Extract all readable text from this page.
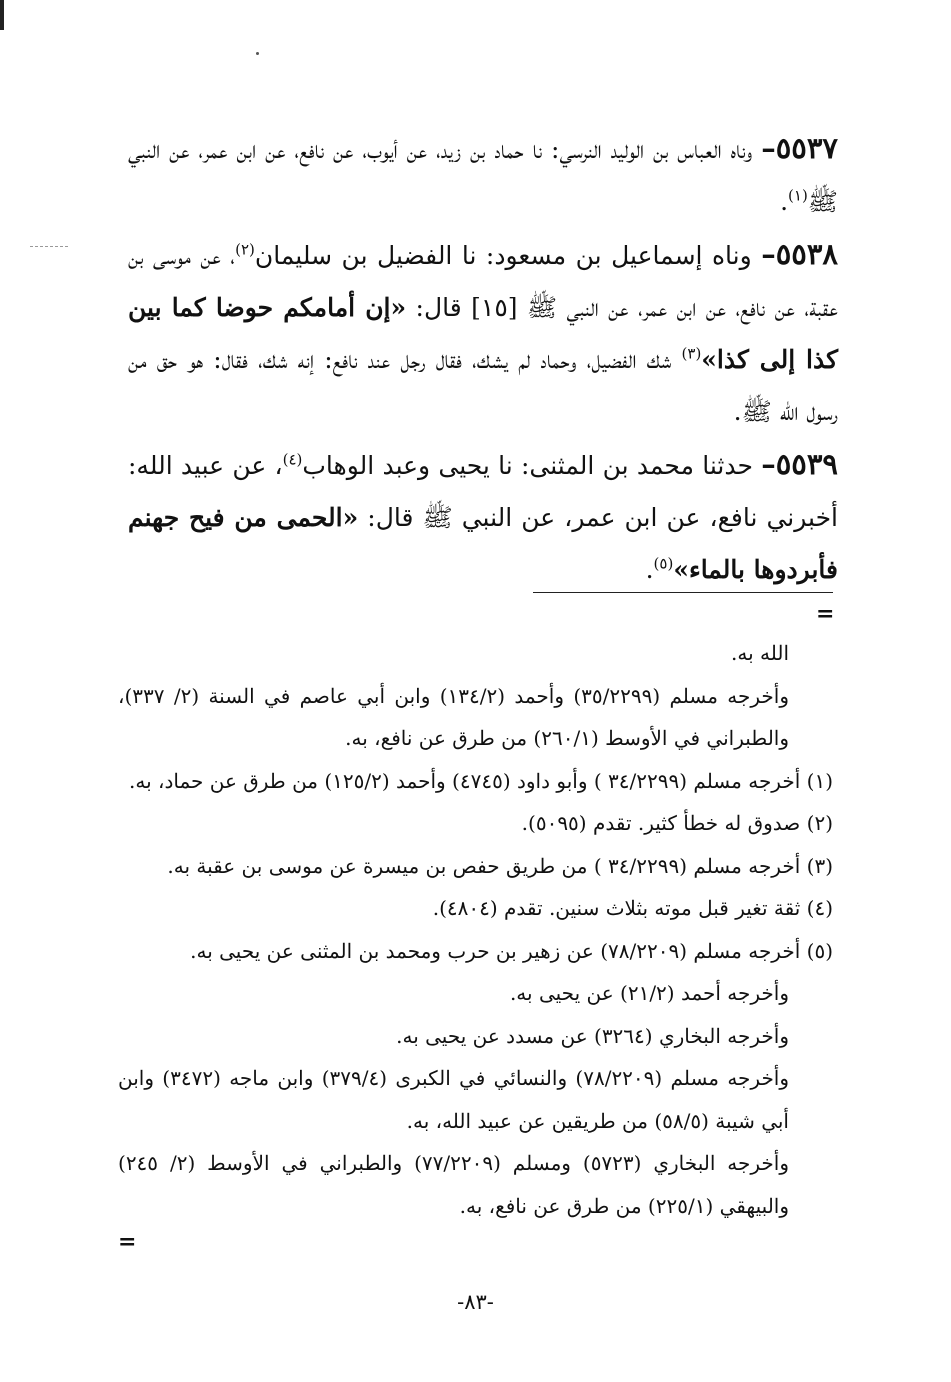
٥٥٣٧– وناه العباس بن الوليد النرسي: نا حماد بن زيد، عن أيوب، عن نافع، عن ابن عمر، عن النبي ﷺ$^{(١)}$.

٥٥٣٨– وناه إسماعيل بن مسعود: نا الفضيل بن سليمان$^{(٢)}$، عن موسى بن عقبة، عن نافع، عن ابن عمر، عن النبي ﷺ [١٥] قال: «إن أمامكم حوضا كما بين كذا إلى كذا»$^{(٣)}$ شك الفضيل، وحماد لم يشك، فقال رجل عند نافع: إنه شك، فقال: هو حق من رسول الله ﷺ.

٥٥٣٩– حدثنا محمد بن المثنى: نا يحيى وعبد الوهاب$^{(٤)}$، عن عبيد الله: أخبرني نافع، عن ابن عمر، عن النبي ﷺ قال: «الحمى من فيح جهنم فأبردوها بالماء»$^{(٥)}$.

=

الله به.

وأخرجه مسلم (٣٥/٢٢٩٩) وأحمد (١٣٤/٢) وابن أبي عاصم في السنة (٢/ ٣٣٧)، والطبراني في الأوسط (٢٦٠/١) من طرق عن نافع، به.

(١) أخرجه مسلم (٣٤/٢٢٩٩ ) وأبو داود (٤٧٤٥) وأحمد (١٢٥/٢) من طرق عن حماد، به.

(٢) صدوق له خطأ كثير. تقدم (٥٠٩٥).

(٣) أخرجه مسلم (٣٤/٢٢٩٩ ) من طريق حفص بن ميسرة عن موسى بن عقبة به.

(٤) ثقة تغير قبل موته بثلاث سنين. تقدم (٤٨٠٤).

(٥) أخرجه مسلم (٧٨/٢٢٠٩) عن زهير بن حرب ومحمد بن المثنى عن يحيى به.

وأخرجه أحمد (٢١/٢) عن يحيى به.

وأخرجه البخاري (٣٢٦٤) عن مسدد عن يحيى به.

وأخرجه مسلم (٧٨/٢٢٠٩) والنسائي في الكبرى (٣٧٩/٤) وابن ماجه (٣٤٧٢) وابن أبي شيبة (٥٨/٥) من طريقين عن عبيد الله، به.

وأخرجه البخاري (٥٧٢٣) ومسلم (٧٧/٢٢٠٩) والطبراني في الأوسط (٢/ ٢٤٥) والبيهقي (٢٢٥/١) من طرق عن نافع، به.

=
-٨٣-
